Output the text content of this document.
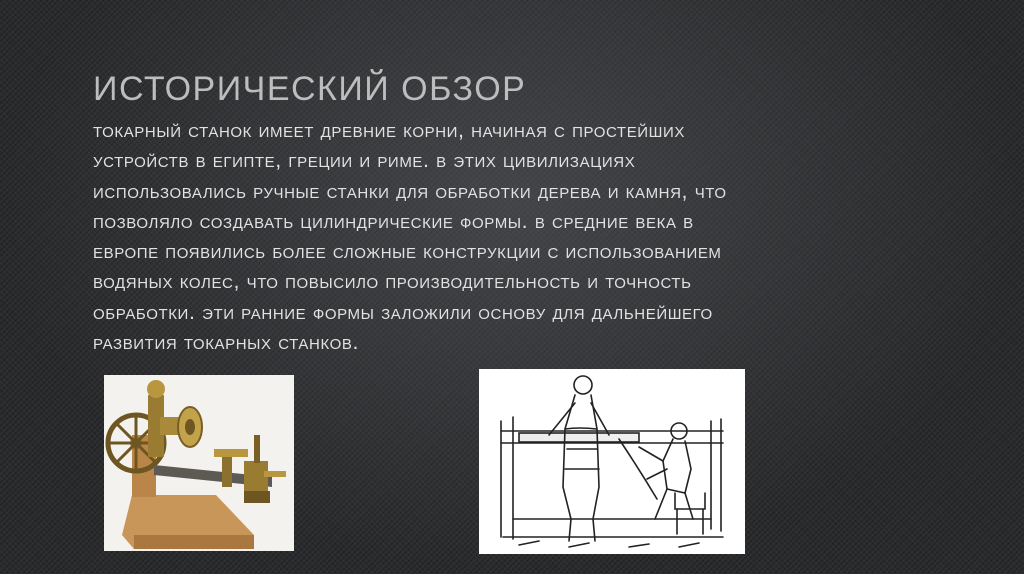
ИСТОРИЧЕСКИЙ ОБЗОР
токарный станок имеет древние корни, начиная с простейших
устройств в египте, греции и риме. в этих цивилизациях
использовались ручные станки для обработки дерева и камня, что
позволяло создавать цилиндрические формы. в средние века в
европе появились более сложные конструкции с использованием
водяных колес, что повысило производительность и точность
обработки. эти ранние формы заложили основу для дальнейшего
развития токарных станков.
